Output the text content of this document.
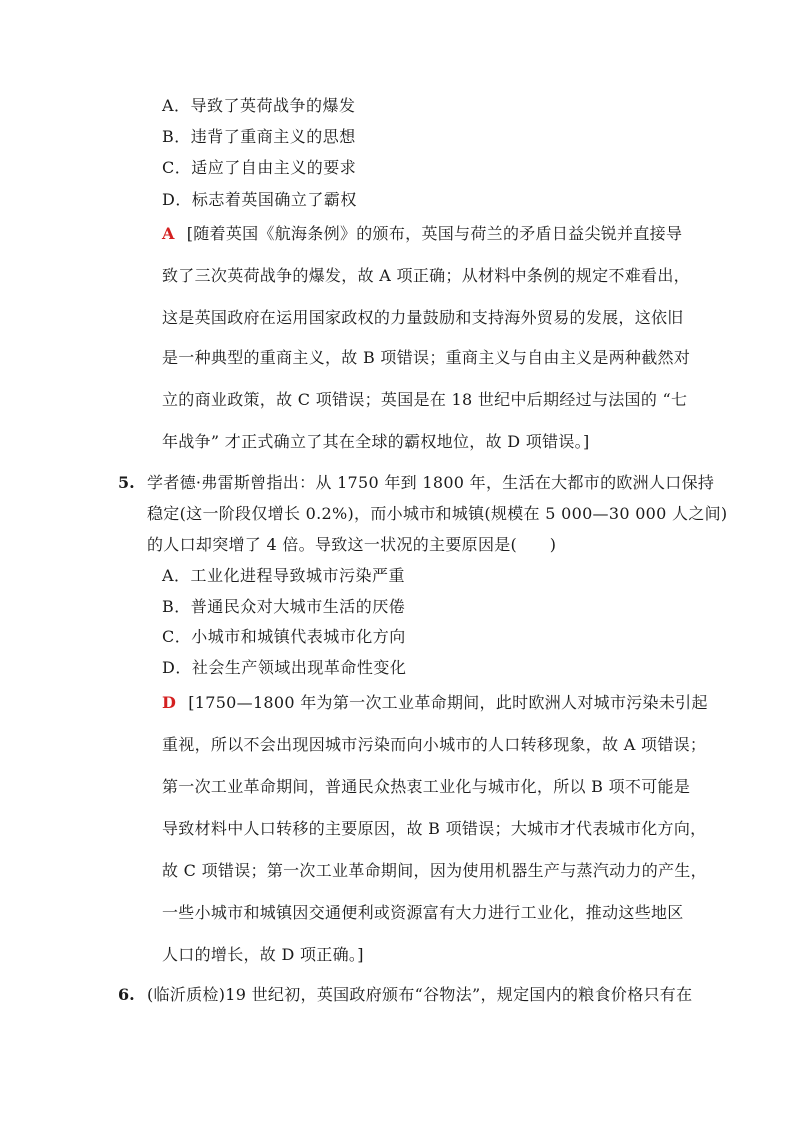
A．导致了英荷战争的爆发
B．违背了重商主义的思想
C．适应了自由主义的要求
D．标志着英国确立了霸权
A [随着英国《航海条例》的颁布，英国与荷兰的矛盾日益尖锐并直接导
致了三次英荷战争的爆发，故 A 项正确；从材料中条例的规定不难看出，
这是英国政府在运用国家政权的力量鼓励和支持海外贸易的发展，这依旧
是一种典型的重商主义，故 B 项错误；重商主义与自由主义是两种截然对
立的商业政策，故 C 项错误；英国是在 18 世纪中后期经过与法国的 “七
年战争” 才正式确立了其在全球的霸权地位，故 D 项错误。]
5. 学者德·弗雷斯曾指出：从 1750 年到 1800 年，生活在大都市的欧洲人口保持
稳定(这一阶段仅增长 0.2%)，而小城市和城镇(规模在 5 000—30 000 人之间)
的人口却突增了 4 倍。导致这一状况的主要原因是(　　)
A．工业化进程导致城市污染严重
B．普通民众对大城市生活的厌倦
C．小城市和城镇代表城市化方向
D．社会生产领域出现革命性变化
D [1750—1800 年为第一次工业革命期间，此时欧洲人对城市污染未引起
重视，所以不会出现因城市污染而向小城市的人口转移现象，故 A 项错误；
第一次工业革命期间，普通民众热衷工业化与城市化，所以 B 项不可能是
导致材料中人口转移的主要原因，故 B 项错误；大城市才代表城市化方向，
故 C 项错误；第一次工业革命期间，因为使用机器生产与蒸汽动力的产生，
一些小城市和城镇因交通便利或资源富有大力进行工业化，推动这些地区
人口的增长，故 D 项正确。]
6. (临沂质检)19 世纪初，英国政府颁布“谷物法”，规定国内的粮食价格只有在
